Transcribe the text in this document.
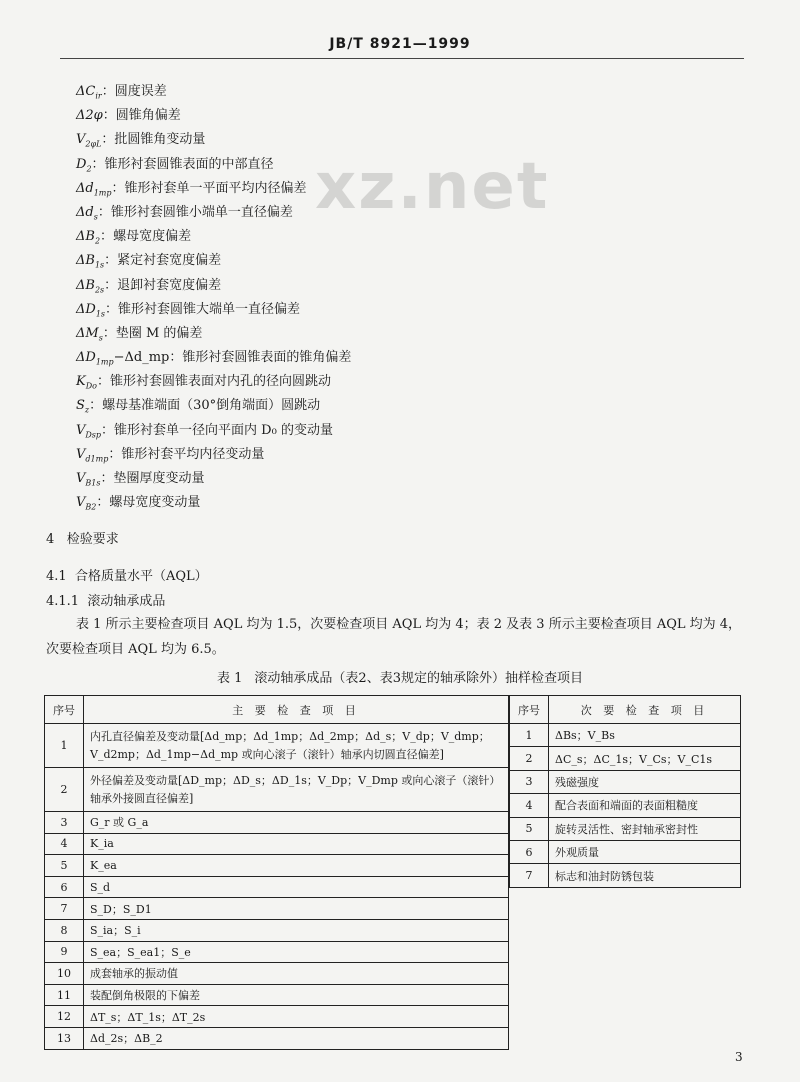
JB/T 8921—1999
xz.net
$\Delta C_{ir}$：圆度误差
Δ2φ：圆锥角偏差
$V_{2\varphi L}$：批圆锥角变动量
$D_2$：锥形衬套圆锥表面的中部直径
$\Delta d_{1mp}$：锥形衬套单一平面平均内径偏差
$\Delta d_s$：锥形衬套圆锥小端单一直径偏差
$\Delta B_2$：螺母宽度偏差
$\Delta B_{1s}$：紧定衬套宽度偏差
$\Delta B_{2s}$：退卸衬套宽度偏差
$\Delta D_{1s}$：锥形衬套圆锥大端单一直径偏差
$\Delta M_s$：垫圈 M 的偏差
$\Delta D_{1mp}-\Delta d\_mp$：锥形衬套圆锥表面的锥角偏差
$K_{Do}$：锥形衬套圆锥表面对内孔的径向圆跳动
$S_z$：螺母基准端面（30°倒角端面）圆跳动
$V_{Dsp}$：锥形衬套单一径向平面内 D₀ 的变动量
$V_{d1mp}$：锥形衬套平均内径变动量
$V_{B1s}$：垫圈厚度变动量
$V_{B2}$：螺母宽度变动量
4 检验要求
4.1 合格质量水平（AQL）
4.1.1 滚动轴承成品
表 1 所示主要检查项目 AQL 均为 1.5，次要检查项目 AQL 均为 4；表 2 及表 3 所示主要检查项目 AQL 均为 4，次要检查项目 AQL 均为 6.5。
表 1 滚动轴承成品（表2、表3规定的轴承除外）抽样检查项目
序号	主 要 检 查 项 目
1	内孔直径偏差及变动量[Δd_mp；Δd_1mp；Δd_2mp；Δd_s；V_dp；V_dmp；V_d2mp；Δd_1mp−Δd_mp 或向心滚子（滚针）轴承内切圆直径偏差]
2	外径偏差及变动量[ΔD_mp；ΔD_s；ΔD_1s；V_Dp；V_Dmp 或向心滚子（滚针）轴承外接圆直径偏差]
3	G_r 或 G_a
4	K_ia
5	K_ea
6	S_d
7	S_D；S_D1
8	S_ia；S_i
9	S_ea；S_ea1；S_e
10	成套轴承的振动值
11	装配倒角极限的下偏差
12	ΔT_s；ΔT_1s；ΔT_2s
13	Δd_2s；ΔB_2
序号	次 要 检 查 项 目
1	ΔBs；V_Bs
2	ΔC_s；ΔC_1s；V_Cs；V_C1s
3	残磁强度
4	配合表面和端面的表面粗糙度
5	旋转灵活性、密封轴承密封性
6	外观质量
7	标志和油封防锈包装
3
